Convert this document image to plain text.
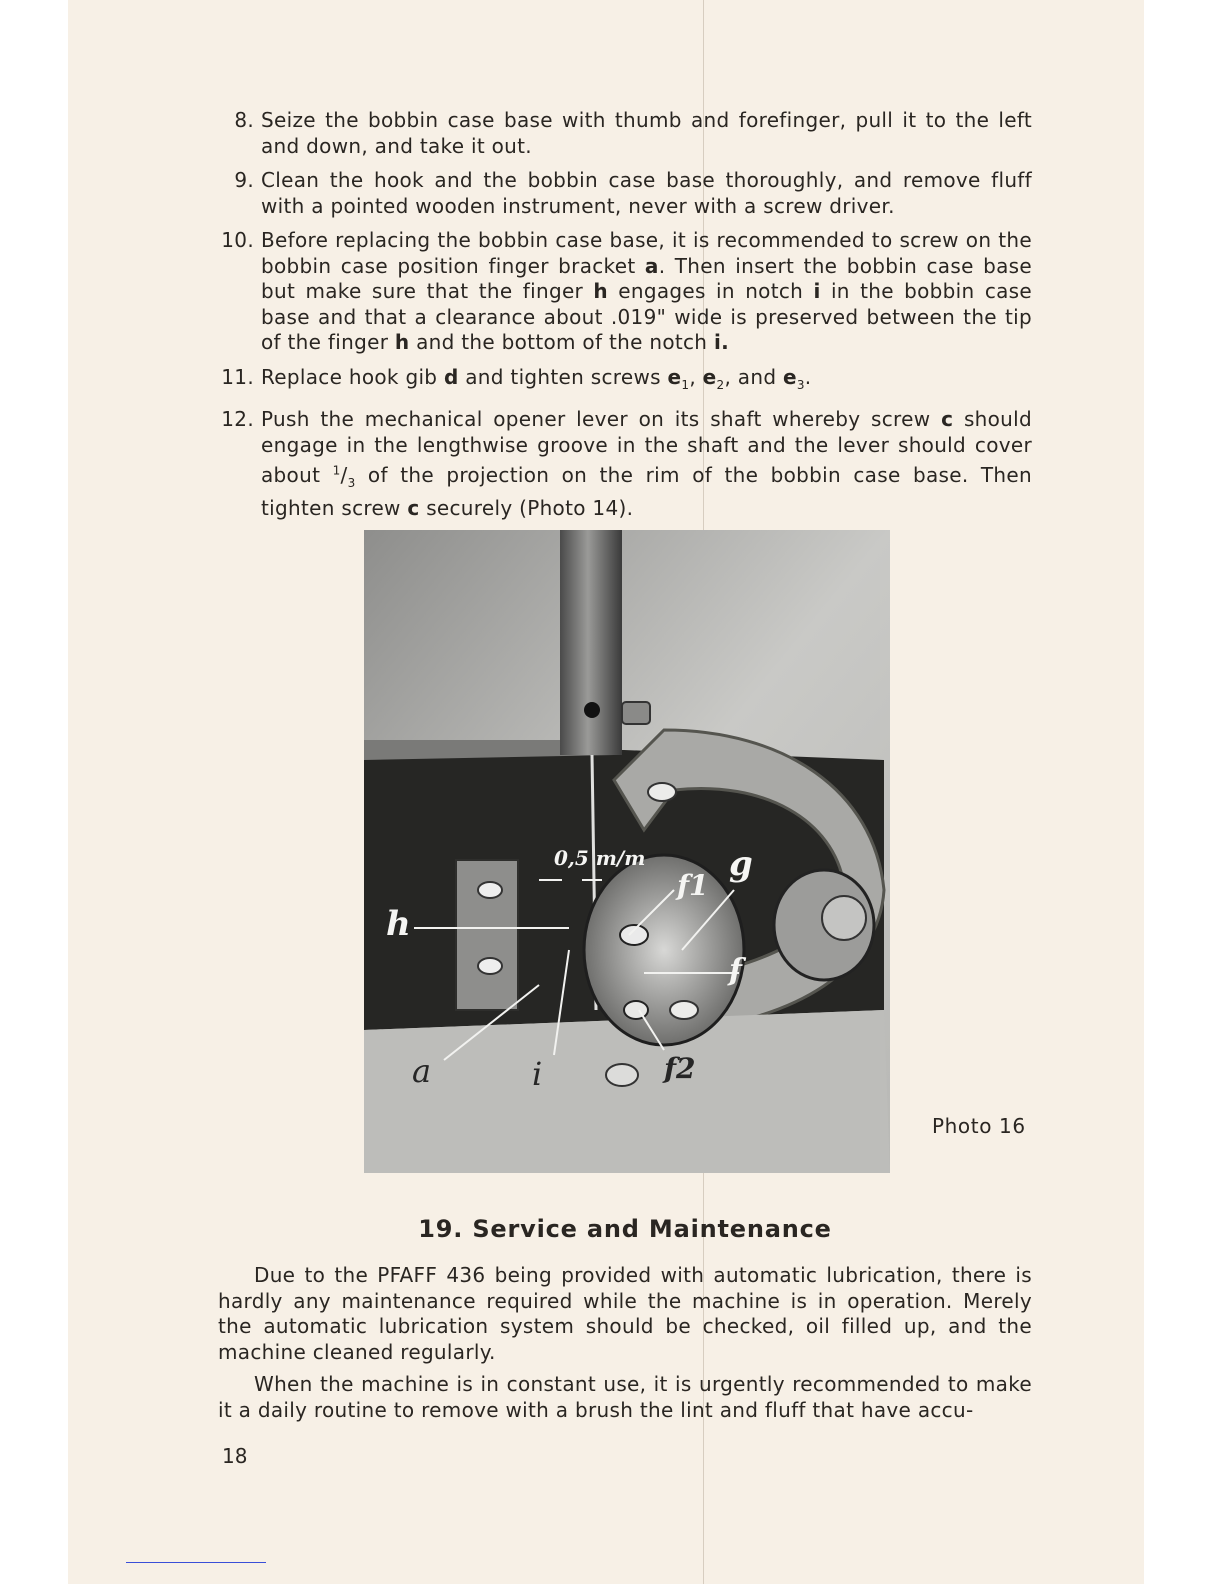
8. Seize the bobbin case base with thumb and forefinger, pull it to the left and down, and take it out.
9. Clean the hook and the bobbin case base thoroughly, and remove fluff with a pointed wooden instrument, never with a screw driver.
10. Before replacing the bobbin case base, it is recommended to screw on the bobbin case position finger bracket a. Then insert the bobbin case base but make sure that the finger h engages in notch i in the bobbin case base and that a clearance about .019" wide is preserved between the tip of the finger h and the bottom of the notch i.
11. Replace hook gib d and tighten screws $e_1$, $e_2$, and $e_3$.
12. Push the mechanical opener lever on its shaft whereby screw c should engage in the lengthwise groove in the shaft and the lever should cover about $^1/_3$ of the projection on the rim of the bobbin case base. Then tighten screw c securely (Photo 14).
0,5 m/m
h
f1
g
f
a	i	f2
Photo 16
19. Service and Maintenance

Due to the PFAFF 436 being provided with automatic lubrication, there is hardly any maintenance required while the machine is in operation. Merely the automatic lubrication system should be checked, oil filled up, and the machine cleaned regularly.

When the machine is in constant use, it is urgently recommended to make it a daily routine to remove with a brush the lint and fluff that have accu-

18
